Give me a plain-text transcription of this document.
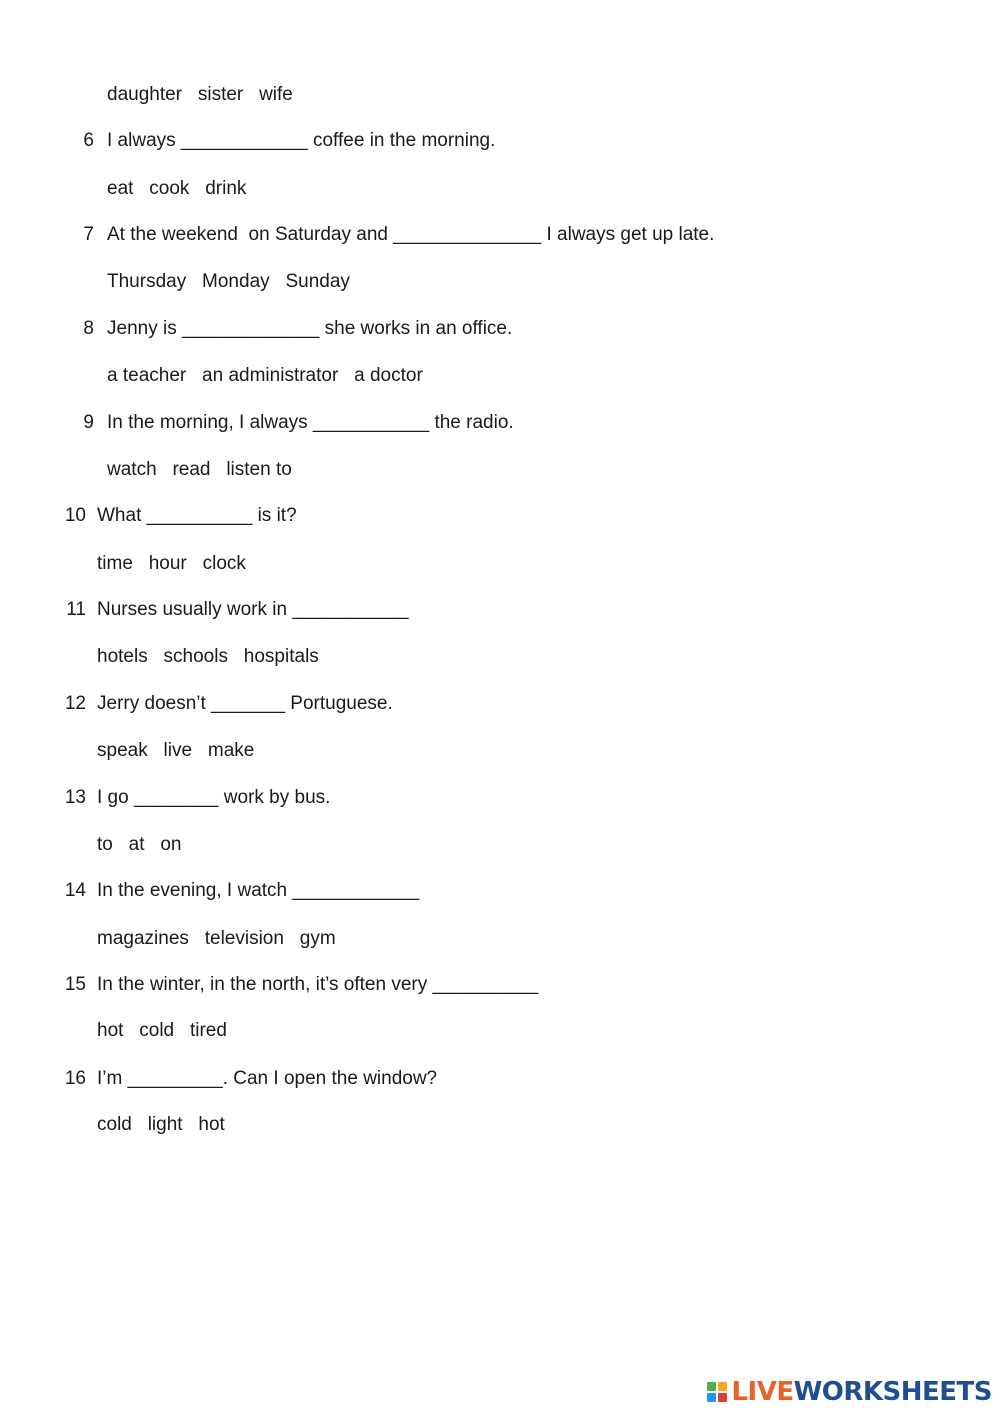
daughter   sister   wife

6 I always ____________ coffee in the morning.

eat   cook   drink

7 At the weekend  on Saturday and ______________ I always get up late.

Thursday   Monday   Sunday

8 Jenny is _____________ she works in an office.

a teacher   an administrator   a doctor

9 In the morning, I always ___________ the radio.

watch   read   listen to

10 What __________ is it?

time   hour   clock

11 Nurses usually work in ___________

hotels   schools   hospitals

12 Jerry doesn’t _______ Portuguese.

speak   live   make

13 I go ________ work by bus.

to   at   on

14 In the evening, I watch ____________

magazines   television   gym

15 In the winter, in the north, it’s often very __________

hot   cold   tired

16 I’m _________. Can I open the window?

cold   light   hot

LIVEWORKSHEETS
